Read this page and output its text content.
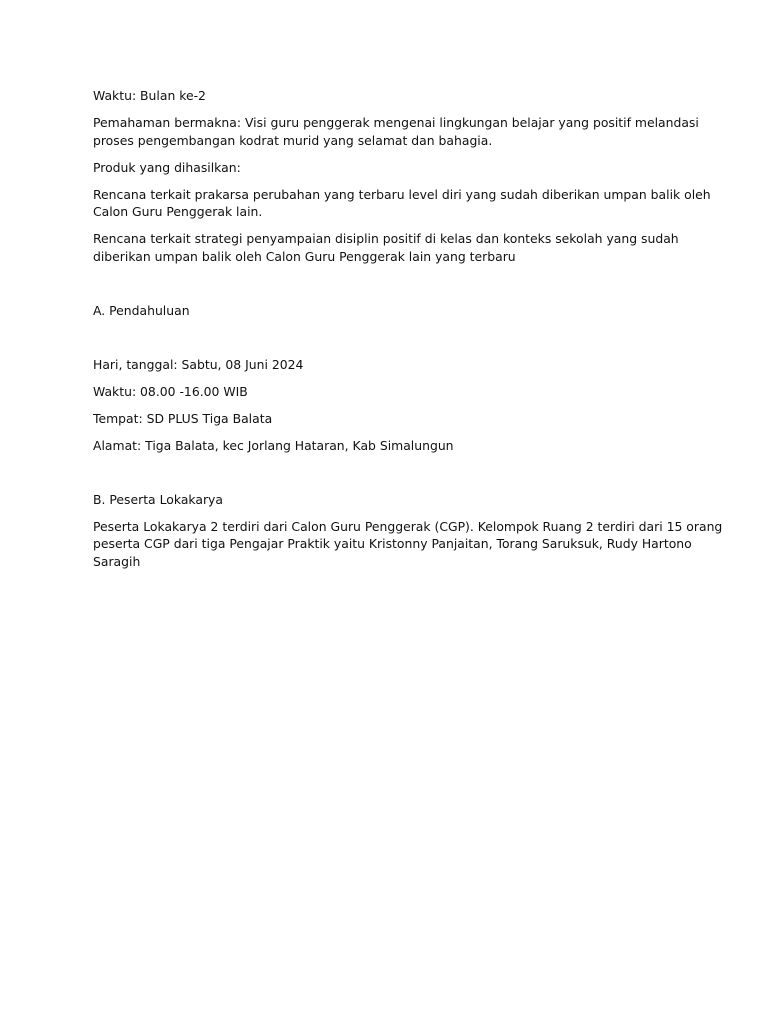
Waktu: Bulan ke-2

Pemahaman bermakna: Visi guru penggerak mengenai lingkungan belajar yang positif melandasi
proses pengembangan kodrat murid yang selamat dan bahagia.

Produk yang dihasilkan:

Rencana terkait prakarsa perubahan yang terbaru level diri yang sudah diberikan umpan balik oleh
Calon Guru Penggerak lain.

Rencana terkait strategi penyampaian disiplin positif di kelas dan konteks sekolah yang sudah
diberikan umpan balik oleh Calon Guru Penggerak lain yang terbaru

A. Pendahuluan

Hari, tanggal: Sabtu, 08 Juni 2024

Waktu: 08.00 -16.00 WIB

Tempat: SD PLUS Tiga Balata

Alamat: Tiga Balata, kec Jorlang Hataran, Kab Simalungun

B. Peserta Lokakarya

Peserta Lokakarya 2 terdiri dari Calon Guru Penggerak (CGP). Kelompok Ruang 2 terdiri dari 15 orang
peserta CGP dari tiga Pengajar Praktik yaitu Kristonny Panjaitan, Torang Saruksuk, Rudy Hartono
Saragih
